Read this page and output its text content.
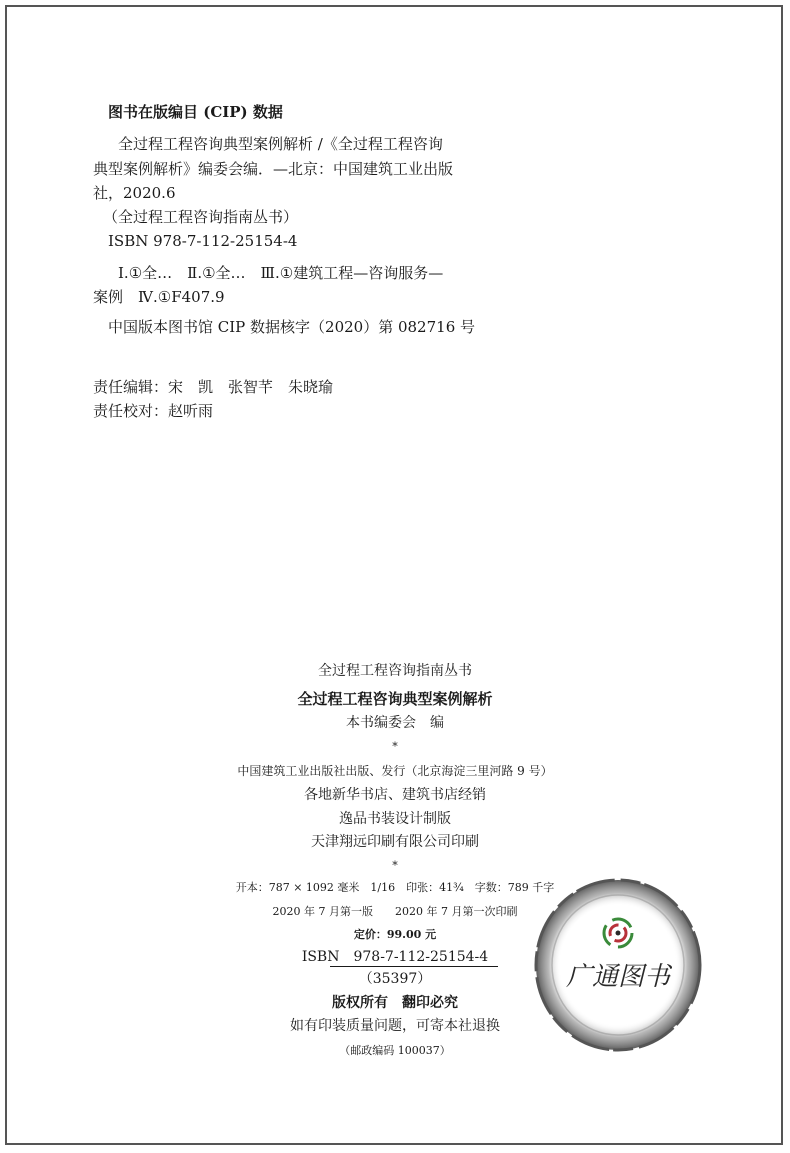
图书在版编目 (CIP) 数据
全过程工程咨询典型案例解析 /《全过程工程咨询
典型案例解析》编委会编．—北京：中国建筑工业出版
社，2020.6
（全过程工程咨询指南丛书）
ISBN 978-7-112-25154-4
Ⅰ.①全…　Ⅱ.①全…　Ⅲ.①建筑工程—咨询服务—
案例　Ⅳ.①F407.9
中国版本图书馆 CIP 数据核字（2020）第 082716 号
责任编辑：宋　凯　张智芊　朱晓瑜
责任校对：赵听雨
全过程工程咨询指南丛书
全过程工程咨询典型案例解析
本书编委会　编
*
中国建筑工业出版社出版、发行（北京海淀三里河路 9 号）
各地新华书店、建筑书店经销
逸品书装设计制版
天津翔远印刷有限公司印刷
*
开本：787 × 1092 毫米　1/16　印张：41¾　字数：789 千字
2020 年 7 月第一版　　2020 年 7 月第一次印刷
定价：99.00 元
ISBN　978-7-112-25154-4
（35397）
版权所有　翻印必究
如有印装质量问题，可寄本社退换
（邮政编码 100037）
广通图书
